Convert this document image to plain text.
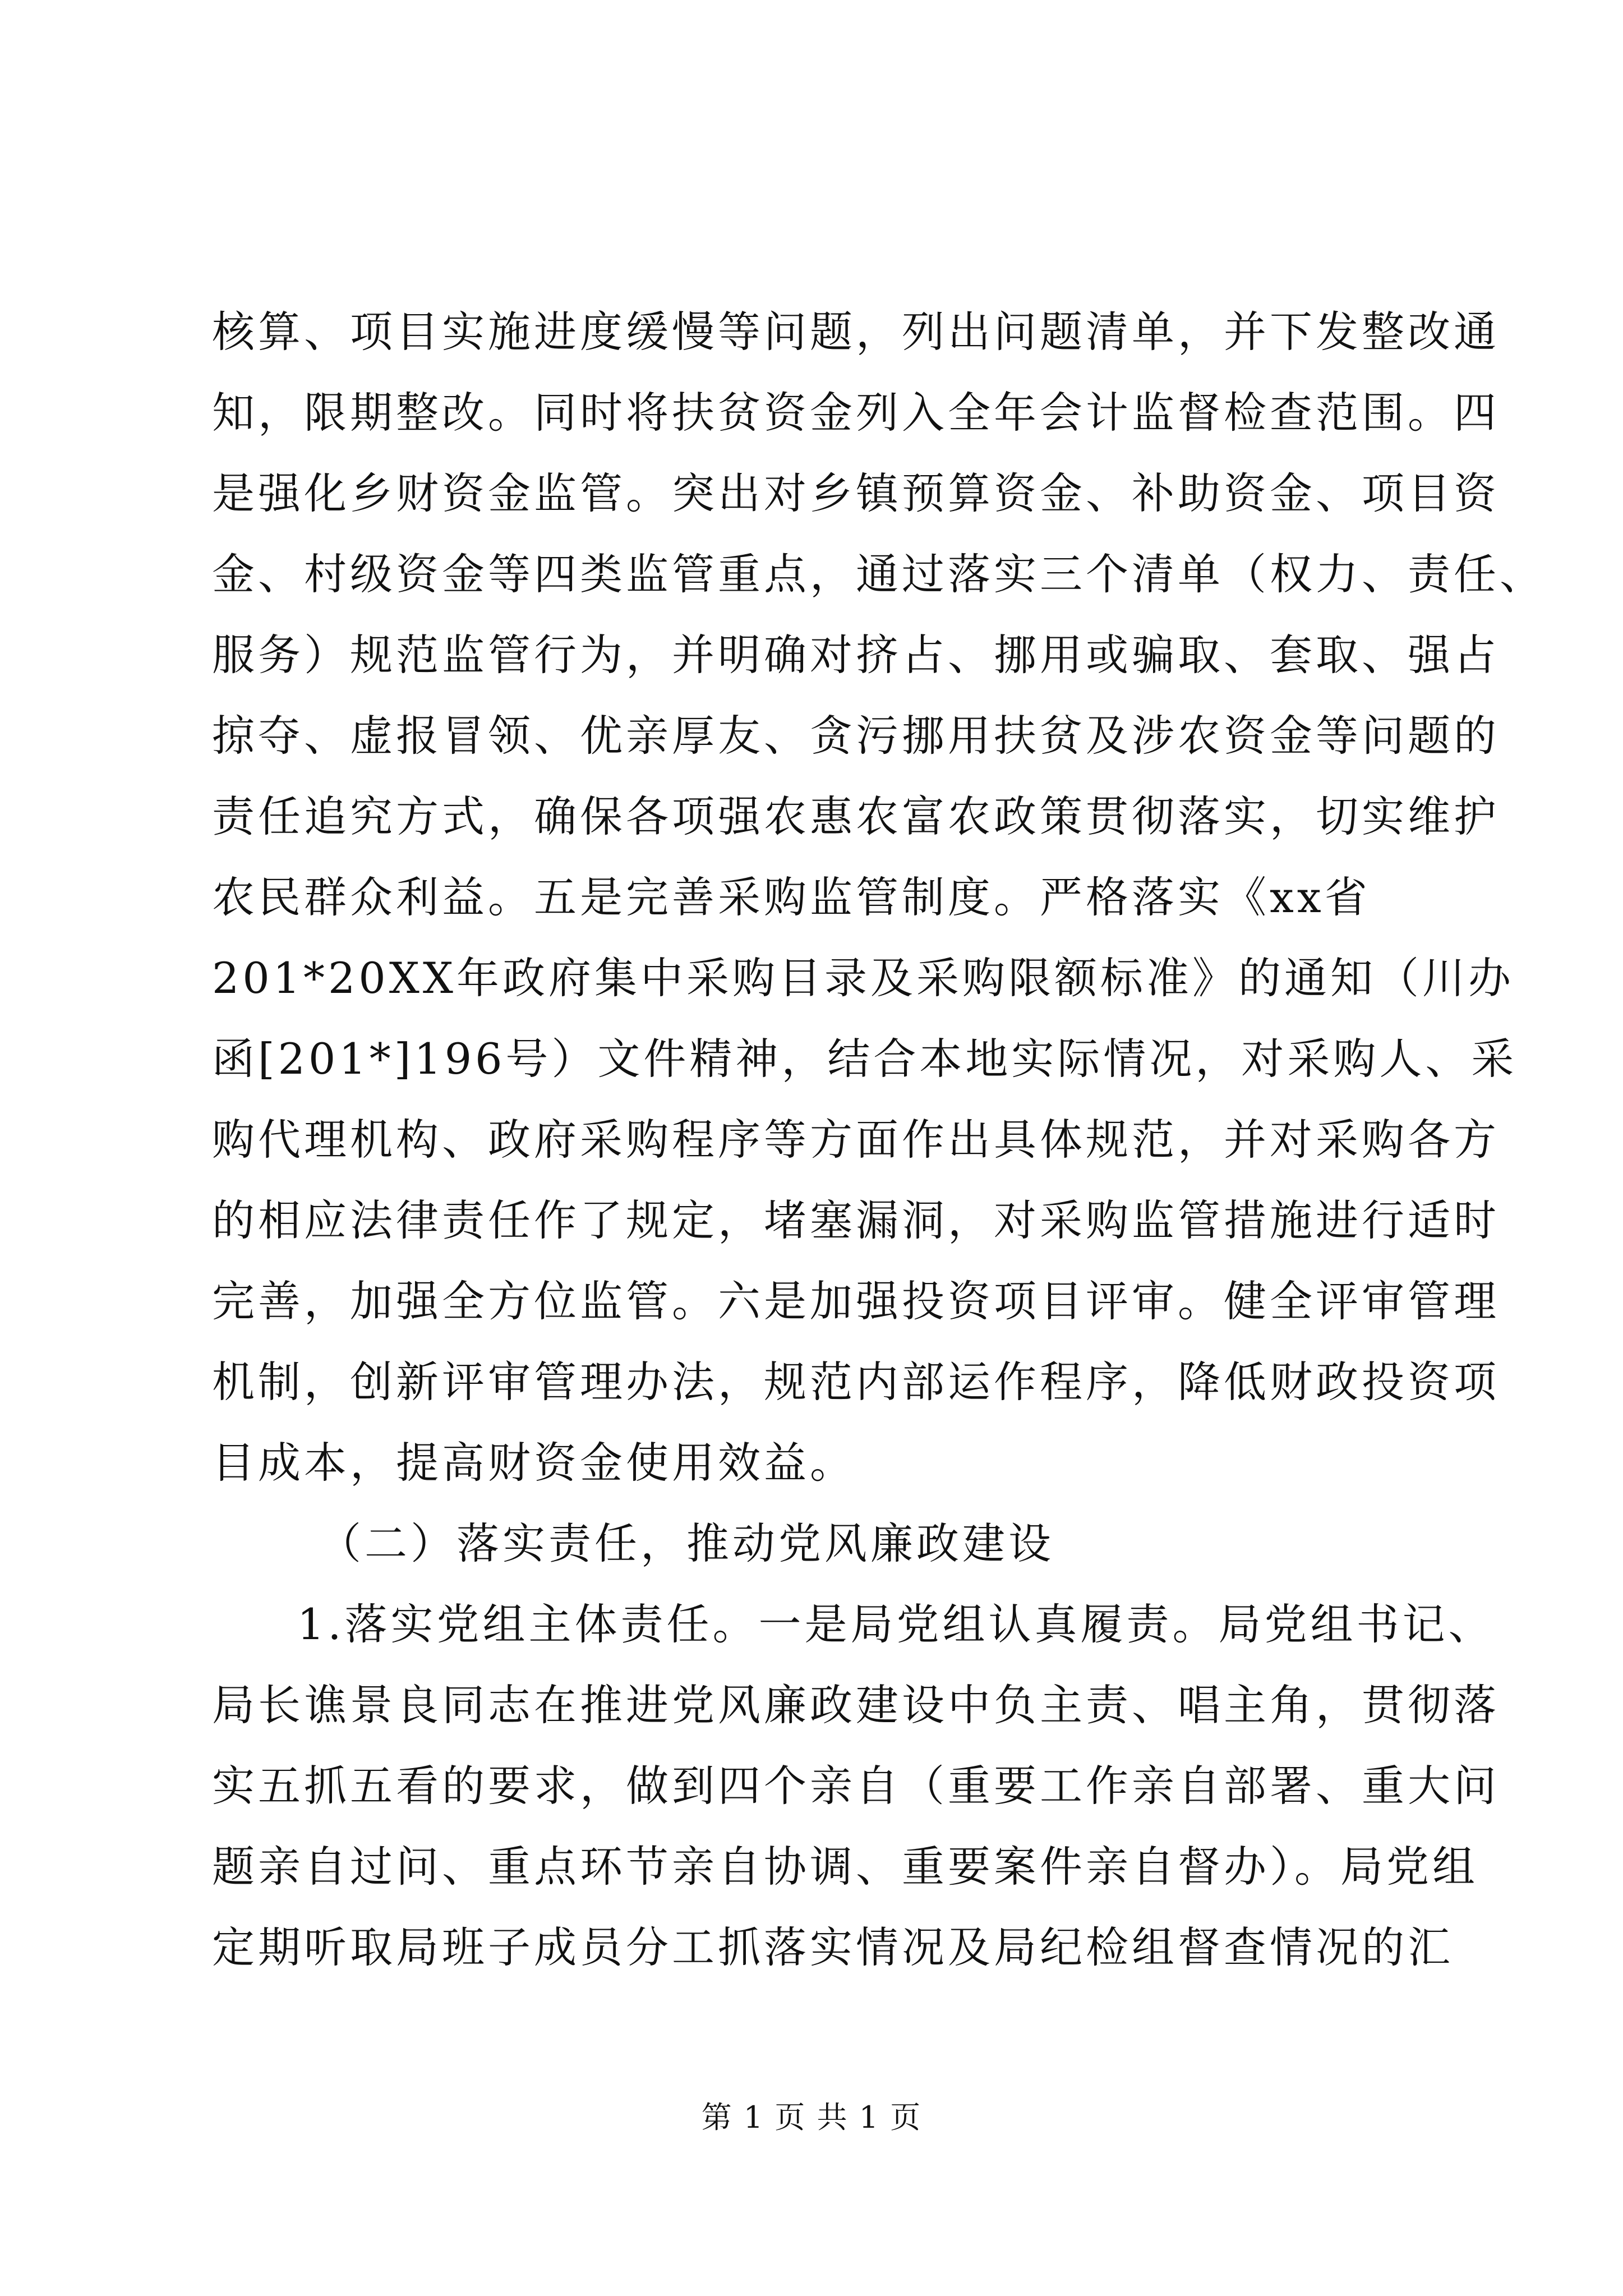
核算、项目实施进度缓慢等问题，列出问题清单，并下发整改通
知，限期整改。同时将扶贫资金列入全年会计监督检查范围。四
是强化乡财资金监管。突出对乡镇预算资金、补助资金、项目资
金、村级资金等四类监管重点，通过落实三个清单（权力、责任、
服务）规范监管行为，并明确对挤占、挪用或骗取、套取、强占
掠夺、虚报冒领、优亲厚友、贪污挪用扶贫及涉农资金等问题的
责任追究方式，确保各项强农惠农富农政策贯彻落实，切实维护
农民群众利益。五是完善采购监管制度。严格落实《xx省
201*20XX年政府集中采购目录及采购限额标准》的通知（川办
函[201*]196号）文件精神，结合本地实际情况，对采购人、采
购代理机构、政府采购程序等方面作出具体规范，并对采购各方
的相应法律责任作了规定，堵塞漏洞，对采购监管措施进行适时
完善，加强全方位监管。六是加强投资项目评审。健全评审管理
机制，创新评审管理办法，规范内部运作程序，降低财政投资项
目成本，提高财资金使用效益。
（二）落实责任，推动党风廉政建设
1.落实党组主体责任。一是局党组认真履责。局党组书记、
局长谯景良同志在推进党风廉政建设中负主责、唱主角，贯彻落
实五抓五看的要求，做到四个亲自（重要工作亲自部署、重大问
题亲自过问、重点环节亲自协调、重要案件亲自督办）。局党组
定期听取局班子成员分工抓落实情况及局纪检组督查情况的汇
第 1 页 共 1 页
